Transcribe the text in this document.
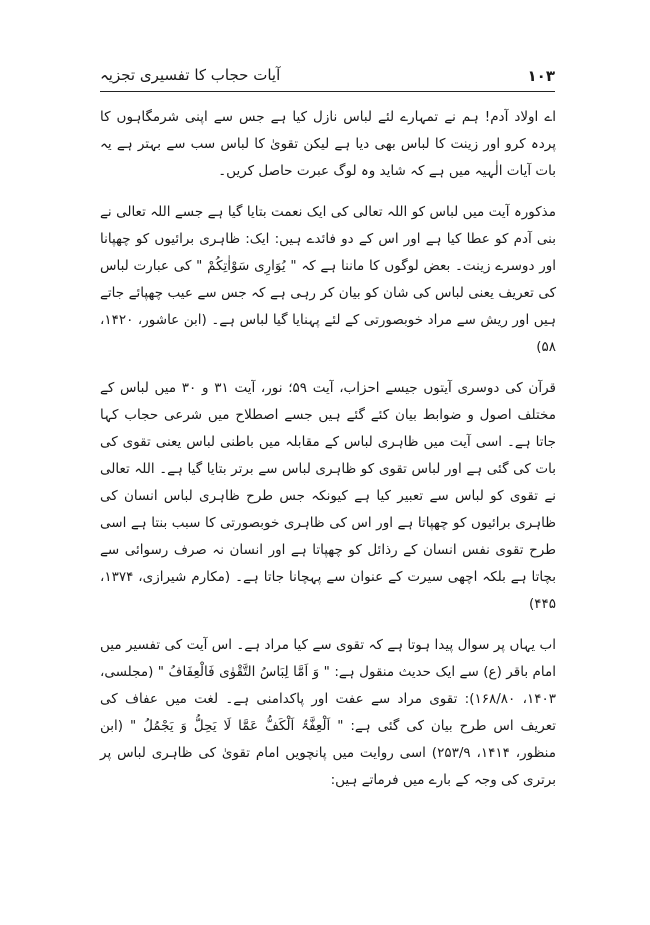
۱۰۳
آیات حجاب کا تفسیری تجزیہ

اے اولاد آدم! ہم نے تمہارے لئے لباس نازل کیا ہے جس سے اپنی شرمگاہوں کا پردہ کرو اور زینت کا لباس بھی دیا ہے لیکن تقویٰ کا لباس سب سے بہتر ہے یہ بات آیات الٰہیہ میں ہے کہ شاید وہ لوگ عبرت حاصل کریں۔

مذکورہ آیت میں لباس کو اللہ تعالی کی ایک نعمت بتایا گیا ہے جسے اللہ تعالی نے بنی آدم کو عطا کیا ہے اور اس کے دو فائدے ہیں: ایک: ظاہری برائیوں کو چھپانا اور دوسرے زینت۔ بعض لوگوں کا ماننا ہے کہ " یُوَارِی سَوْاٰتِکُمْ " کی عبارت لباس کی تعریف یعنی لباس کی شان کو بیان کر رہی ہے کہ جس سے عیب چھپائے جاتے ہیں اور ریش سے مراد خوبصورتی کے لئے پہنایا گیا لباس ہے۔ (ابن عاشور، ۱۴۲۰، ۵۸)

قرآن کی دوسری آیتوں جیسے احزاب، آیت ۵۹؛ نور، آیت ۳۱ و ۳۰ میں لباس کے مختلف اصول و ضوابط بیان کئے گئے ہیں جسے اصطلاح میں شرعی حجاب کہا جاتا ہے۔ اسی آیت میں ظاہری لباس کے مقابلہ میں باطنی لباس یعنی تقوی کی بات کی گئی ہے اور لباس تقوی کو ظاہری لباس سے برتر بتایا گیا ہے۔ اللہ تعالی نے تقوی کو لباس سے تعبیر کیا ہے کیونکہ جس طرح ظاہری لباس انسان کی ظاہری برائیوں کو چھپاتا ہے اور اس کی ظاہری خوبصورتی کا سبب بنتا ہے اسی طرح تقوی نفس انسان کے رذائل کو چھپاتا ہے اور انسان نہ صرف رسوائی سے بچاتا ہے بلکہ اچھی سیرت کے عنوان سے پہچانا جاتا ہے۔ (مکارم شیرازی، ۱۳۷۴، ۴۴۵)

اب یہاں پر سوال پیدا ہوتا ہے کہ تقوی سے کیا مراد ہے۔ اس آیت کی تفسیر میں امام باقر (ع) سے ایک حدیث منقول ہے: " وَ اَمَّا لِبَاسُ التَّقْوٰی فَالْعِفَافُ " (مجلسی، ۱۴۰۳، ۱۶۸/۸۰): تقوی مراد سے عفت اور پاکدامنی ہے۔ لغت میں عفاف کی تعریف اس طرح بیان کی گئی ہے: " اَلْعِفَّۃُ اَلْکَفُّ عَمَّا لَا یَحِلُّ وَ یَجْمُلُ " (ابن منظور، ۱۴۱۴، ۲۵۳/۹) اسی روایت میں پانچویں امام تقویٰ کی ظاہری لباس پر برتری کی وجہ کے بارے میں فرماتے ہیں:
